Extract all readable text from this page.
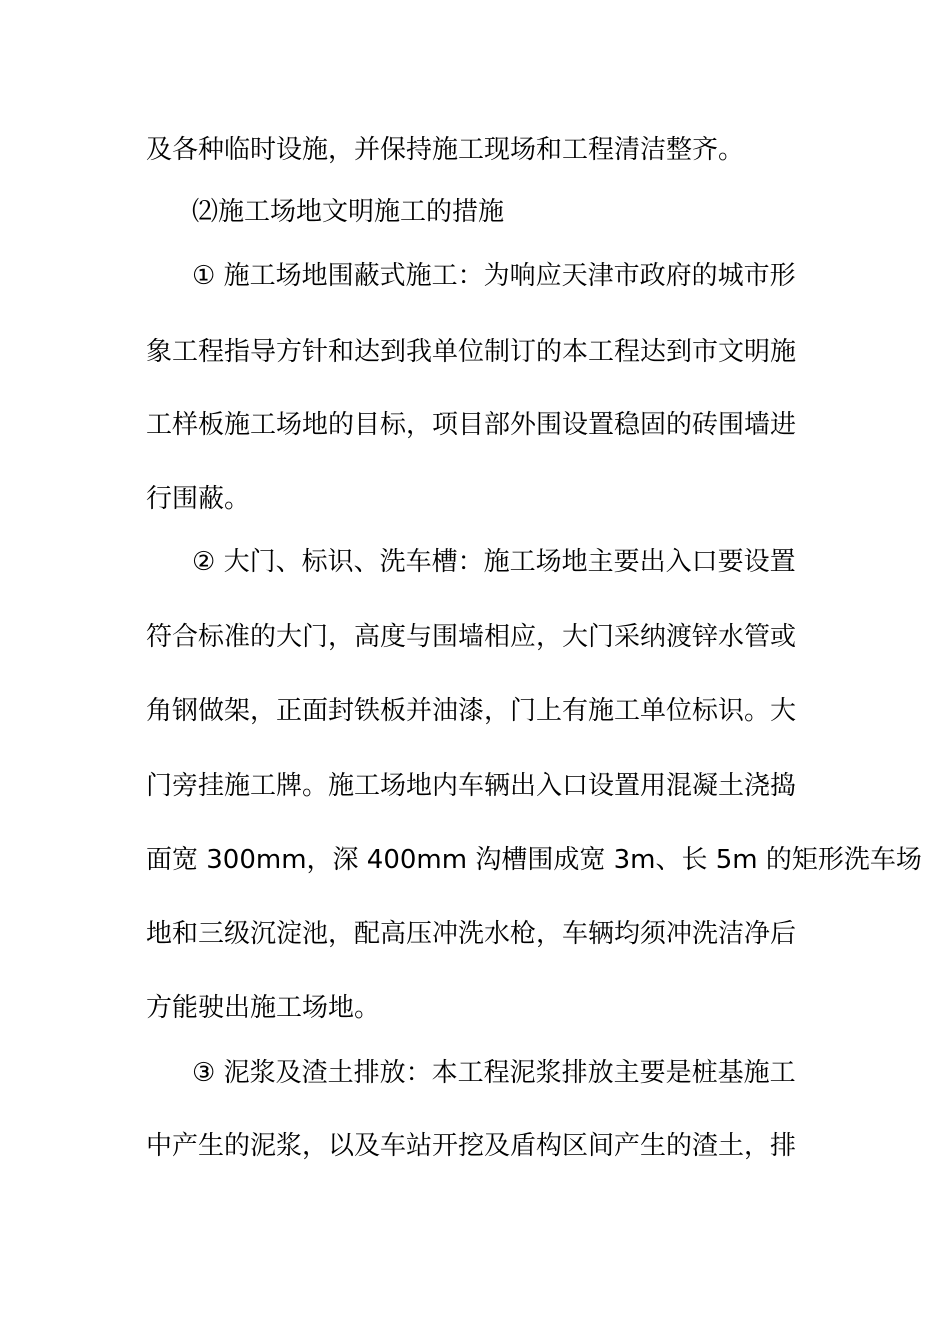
及各种临时设施，并保持施工现场和工程清洁整齐。
⑵施工场地文明施工的措施
① 施工场地围蔽式施工：为响应天津市政府的城市形
象工程指导方针和达到我单位制订的本工程达到市文明施
工样板施工场地的目标，项目部外围设置稳固的砖围墙进
行围蔽。
② 大门、标识、洗车槽：施工场地主要出入口要设置
符合标准的大门，高度与围墙相应，大门采纳渡锌水管或
角钢做架，正面封铁板并油漆，门上有施工单位标识。大
门旁挂施工牌。施工场地内车辆出入口设置用混凝土浇捣
面宽 300mm，深 400mm 沟槽围成宽 3m、长 5m 的矩形洗车场
地和三级沉淀池，配高压冲洗水枪，车辆均须冲洗洁净后
方能驶出施工场地。
③ 泥浆及渣土排放：本工程泥浆排放主要是桩基施工
中产生的泥浆，以及车站开挖及盾构区间产生的渣土，排
